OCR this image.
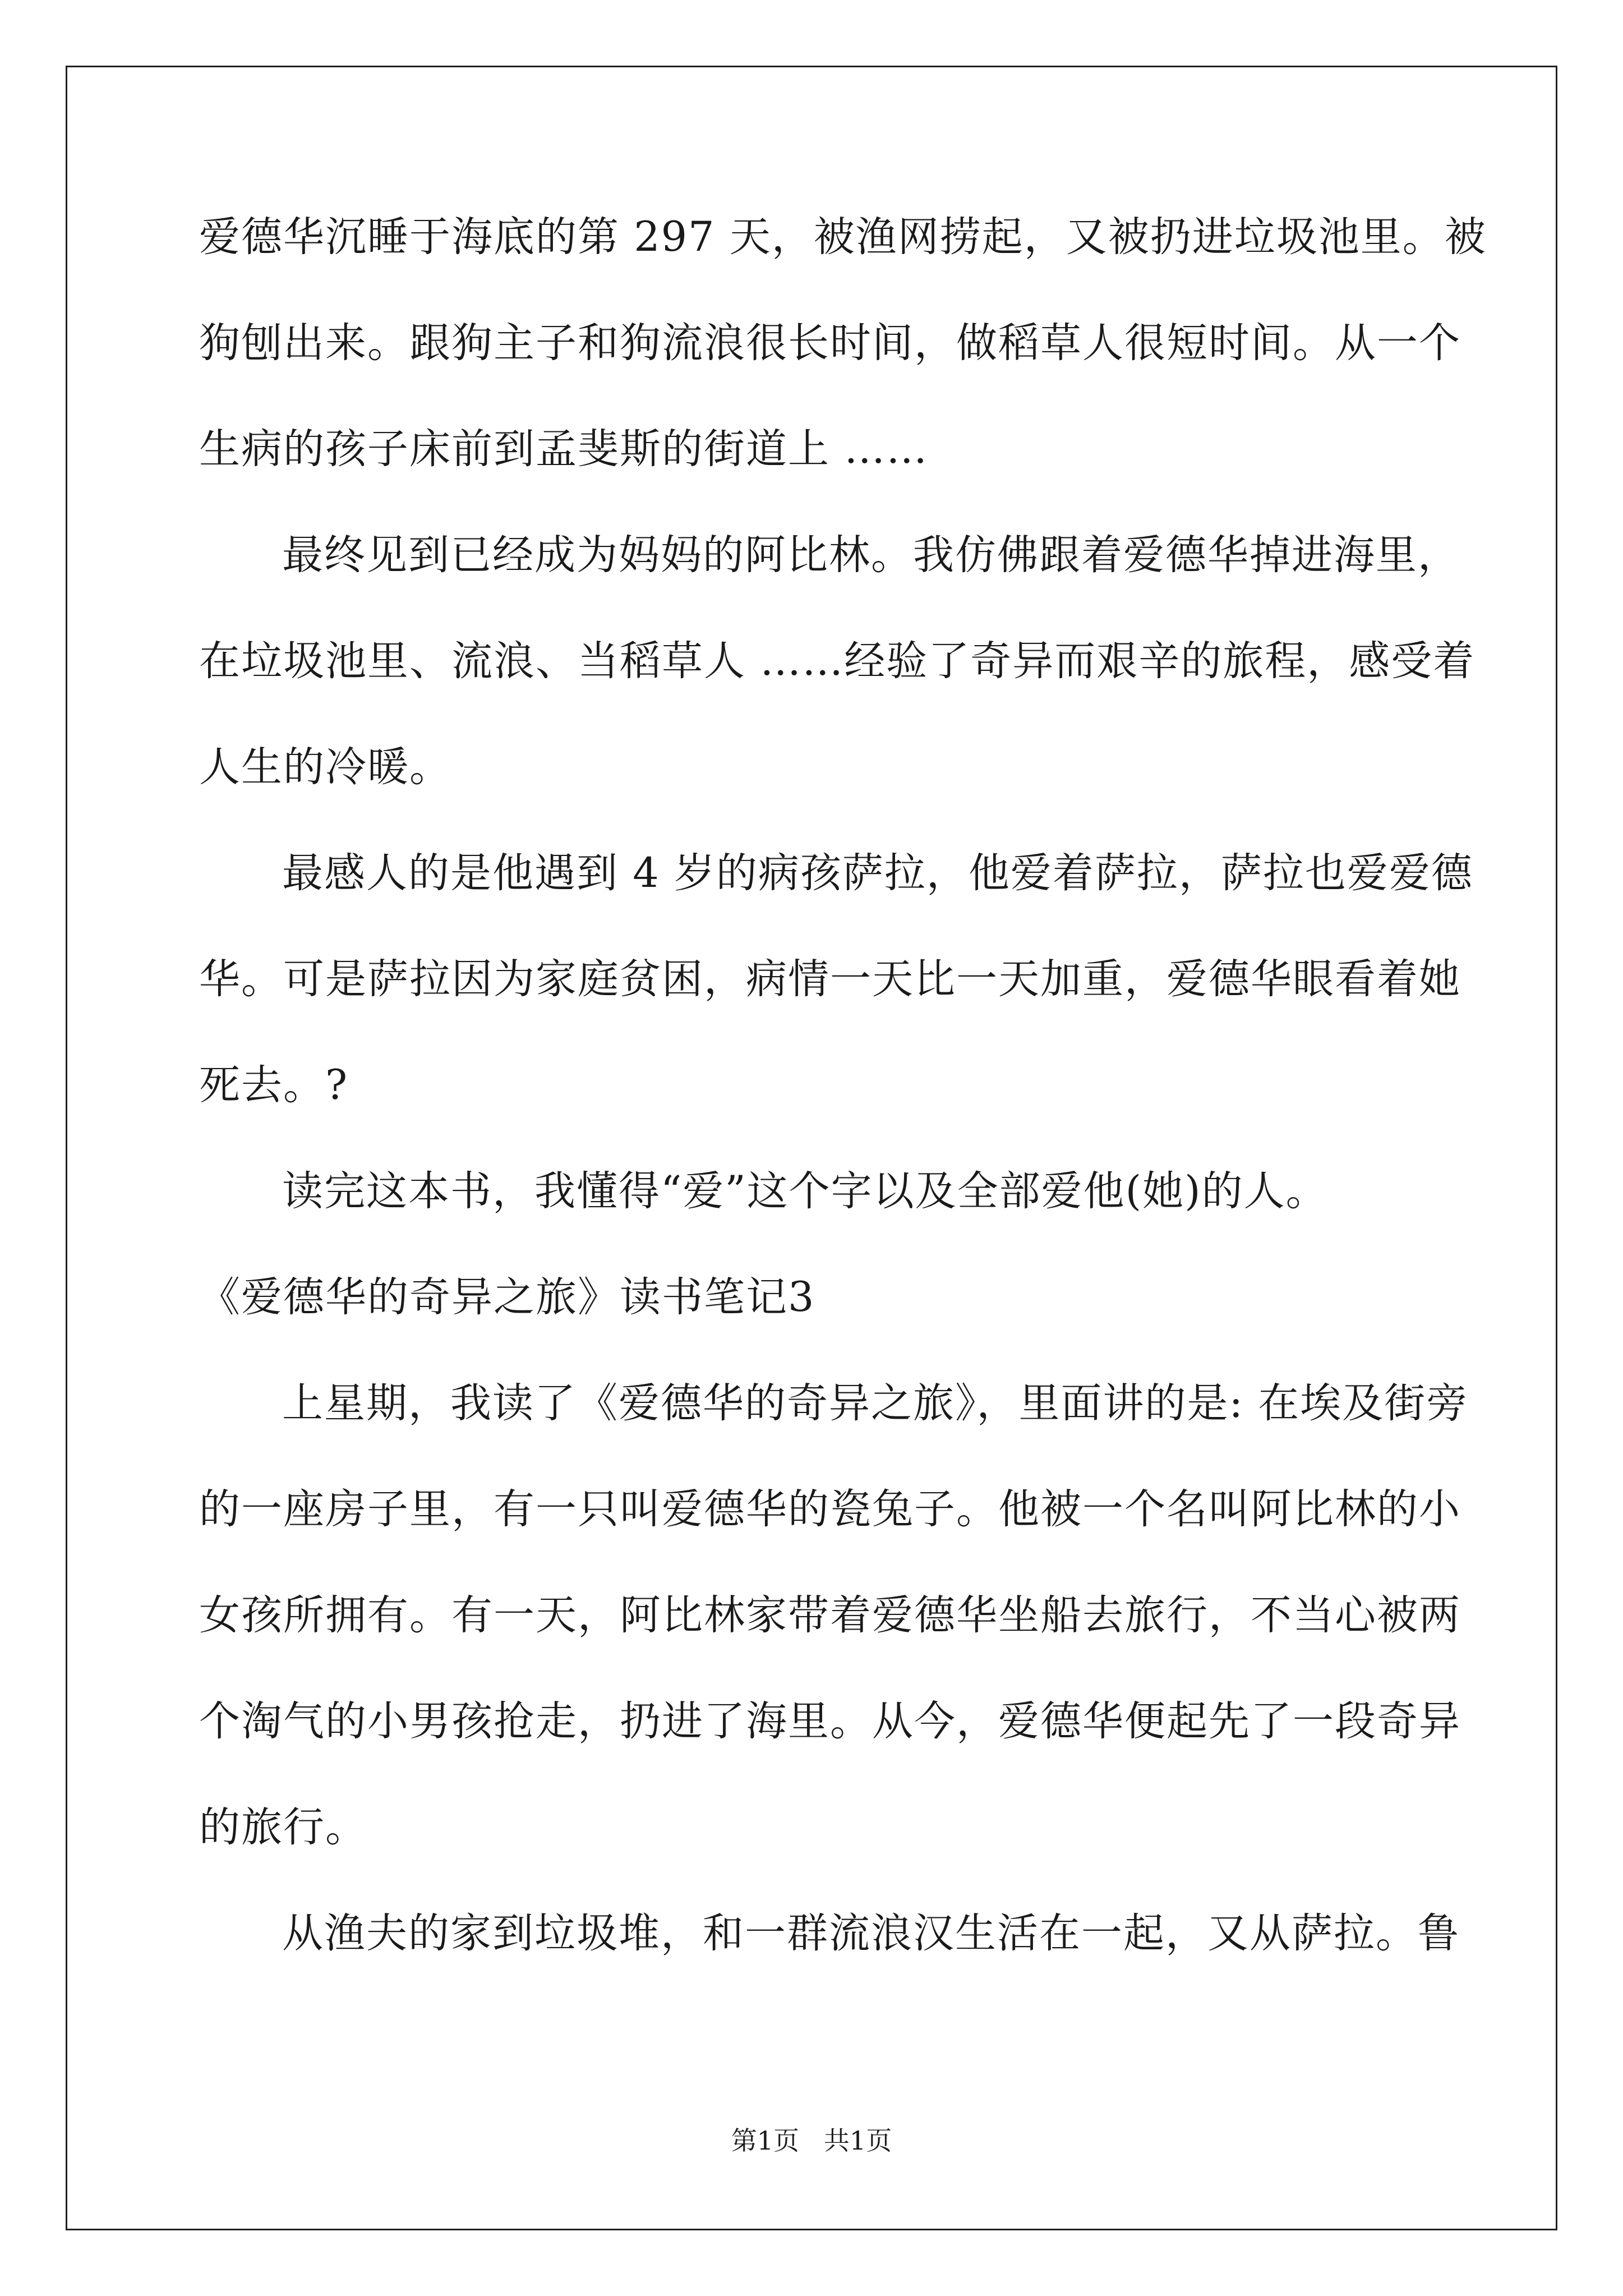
爱德华沉睡于海底的第 297 天，被渔网捞起，又被扔进垃圾池里。被
狗刨出来。跟狗主子和狗流浪很长时间，做稻草人很短时间。从一个
生病的孩子床前到孟斐斯的街道上 ……
最终见到已经成为妈妈的阿比林。我仿佛跟着爱德华掉进海里，
在垃圾池里、流浪、当稻草人 ……经验了奇异而艰辛的旅程，感受着
人生的冷暖。
最感人的是他遇到 4 岁的病孩萨拉，他爱着萨拉，萨拉也爱爱德
华。可是萨拉因为家庭贫困，病情一天比一天加重，爱德华眼看着她
死去。?
读完这本书，我懂得“爱”这个字以及全部爱他(她)的人。
《爱德华的奇异之旅》读书笔记3
上星期，我读了《爱德华的奇异之旅》，里面讲的是: 在埃及街旁
的一座房子里，有一只叫爱德华的瓷兔子。他被一个名叫阿比林的小
女孩所拥有。有一天，阿比林家带着爱德华坐船去旅行，不当心被两
个淘气的小男孩抢走，扔进了海里。从今，爱德华便起先了一段奇异
的旅行。
从渔夫的家到垃圾堆，和一群流浪汉生活在一起，又从萨拉。鲁
第1页   共1页
